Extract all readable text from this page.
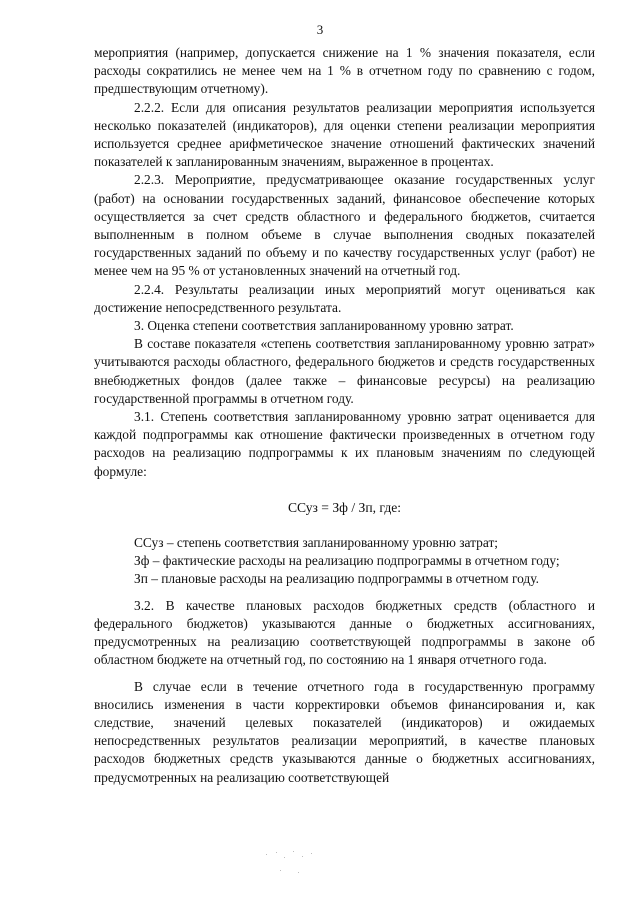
3

мероприятия (например, допускается снижение на 1 % значения показателя, если расходы сократились не менее чем на 1 % в отчетном году по сравнению с годом, предшествующим отчетному).

2.2.2. Если для описания результатов реализации мероприятия используется несколько показателей (индикаторов), для оценки степени реализации мероприятия используется среднее арифметическое значение отношений фактических значений показателей к запланированным значениям, выраженное в процентах.

2.2.3. Мероприятие, предусматривающее оказание государственных услуг (работ) на основании государственных заданий, финансовое обеспечение которых осуществляется за счет средств областного и федерального бюджетов, считается выполненным в полном объеме в случае выполнения сводных показателей государственных заданий по объему и по качеству государственных услуг (работ) не менее чем на 95 % от установленных значений на отчетный год.

2.2.4. Результаты реализации иных мероприятий могут оцениваться как достижение непосредственного результата.

3. Оценка степени соответствия запланированному уровню затрат.

В составе показателя «степень соответствия запланированному уровню затрат» учитываются расходы областного, федерального бюджетов и средств государственных внебюджетных фондов (далее также – финансовые ресурсы) на реализацию государственной программы в отчетном году.

3.1. Степень соответствия запланированному уровню затрат оценивается для каждой подпрограммы как отношение фактически произведенных в отчетном году расходов на реализацию подпрограммы к их плановым значениям по следующей формуле:

ССуз = Зф / Зп, где:

ССуз – степень соответствия запланированному уровню затрат;

Зф – фактические расходы на реализацию подпрограммы в отчетном году;

Зп – плановые расходы на реализацию подпрограммы в отчетном году.

3.2. В качестве плановых расходов бюджетных средств (областного и федерального бюджетов) указываются данные о бюджетных ассигнованиях, предусмотренных на реализацию соответствующей подпрограммы в законе об областном бюджете на отчетный год, по состоянию на 1 января отчетного года.

В случае если в течение отчетного года в государственную программу вносились изменения в части корректировки объемов финансирования и, как следствие, значений целевых показателей (индикаторов) и ожидаемых непосредственных результатов реализации мероприятий, в качестве плановых расходов бюджетных средств указываются данные о бюджетных ассигнованиях, предусмотренных на реализацию соответствующей
